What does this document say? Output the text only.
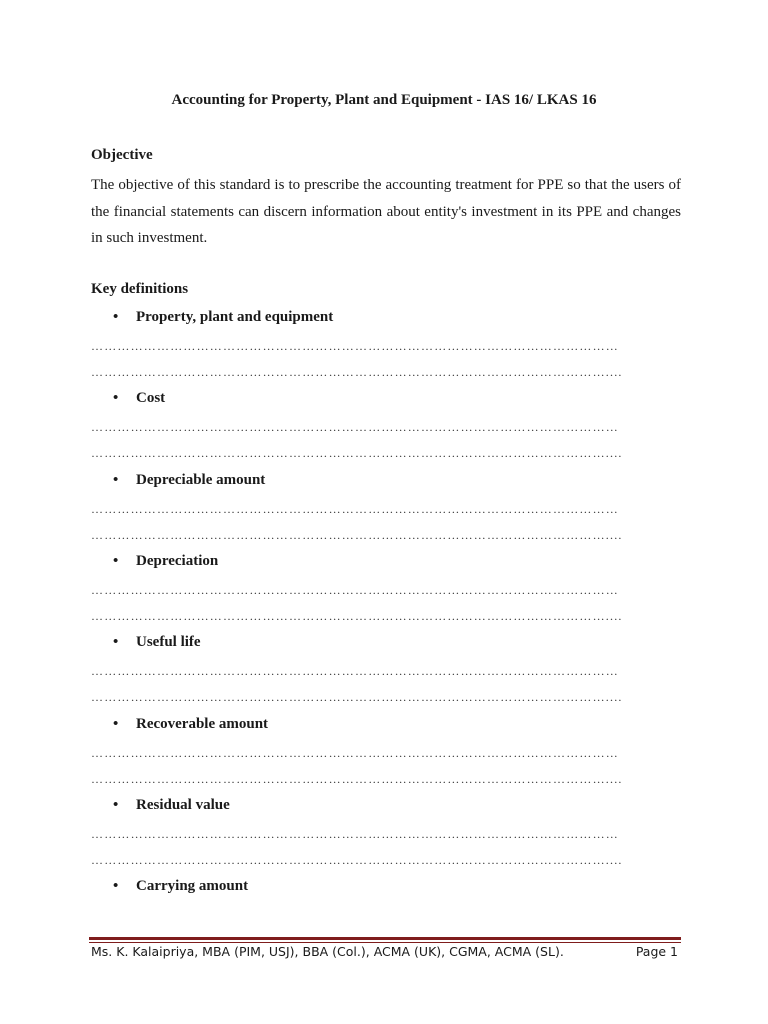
Accounting for Property, Plant and Equipment - IAS 16/ LKAS 16
Objective
The objective of this standard is to prescribe the accounting treatment for PPE so that the users of the financial statements can discern information about entity's investment in its PPE and changes in such investment.
Key definitions
• Property, plant and equipment
…………………………………………………………………………………………………………
………………………………………………………………………………………………………....
• Cost
…………………………………………………………………………………………………………
………………………………………………………………………………………………………....
• Depreciable amount
…………………………………………………………………………………………………………
………………………………………………………………………………………………………....
• Depreciation
…………………………………………………………………………………………………………
………………………………………………………………………………………………………....
• Useful life
…………………………………………………………………………………………………………
………………………………………………………………………………………………………....
• Recoverable amount
…………………………………………………………………………………………………………
………………………………………………………………………………………………………....
• Residual value
…………………………………………………………………………………………………………
………………………………………………………………………………………………………....
• Carrying amount
Ms. K. Kalaipriya, MBA (PIM, USJ), BBA (Col.), ACMA (UK), CGMA, ACMA (SL).	Page 1
